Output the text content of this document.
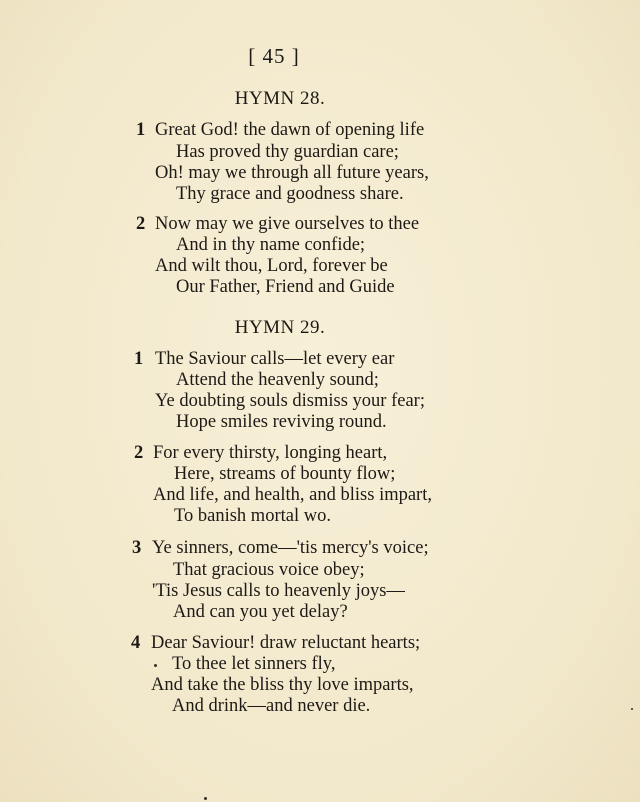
[ 45 ]
HYMN 28.
1 Great God! the dawn of opening life
Has proved thy guardian care;
Oh! may we through all future years,
Thy grace and goodness share.
2 Now may we give ourselves to thee
And in thy name confide;
And wilt thou, Lord, forever be
Our Father, Friend and Guide
HYMN 29.
1 The Saviour calls—let every ear
Attend the heavenly sound;
Ye doubting souls dismiss your fear;
Hope smiles reviving round.
2 For every thirsty, longing heart,
Here, streams of bounty flow;
And life, and health, and bliss impart,
To banish mortal wo.
3 Ye sinners, come—'tis mercy's voice;
That gracious voice obey;
'Tis Jesus calls to heavenly joys—
And can you yet delay?
4 Dear Saviour! draw reluctant hearts;
To thee let sinners fly,
And take the bliss thy love imparts,
And drink—and never die.
